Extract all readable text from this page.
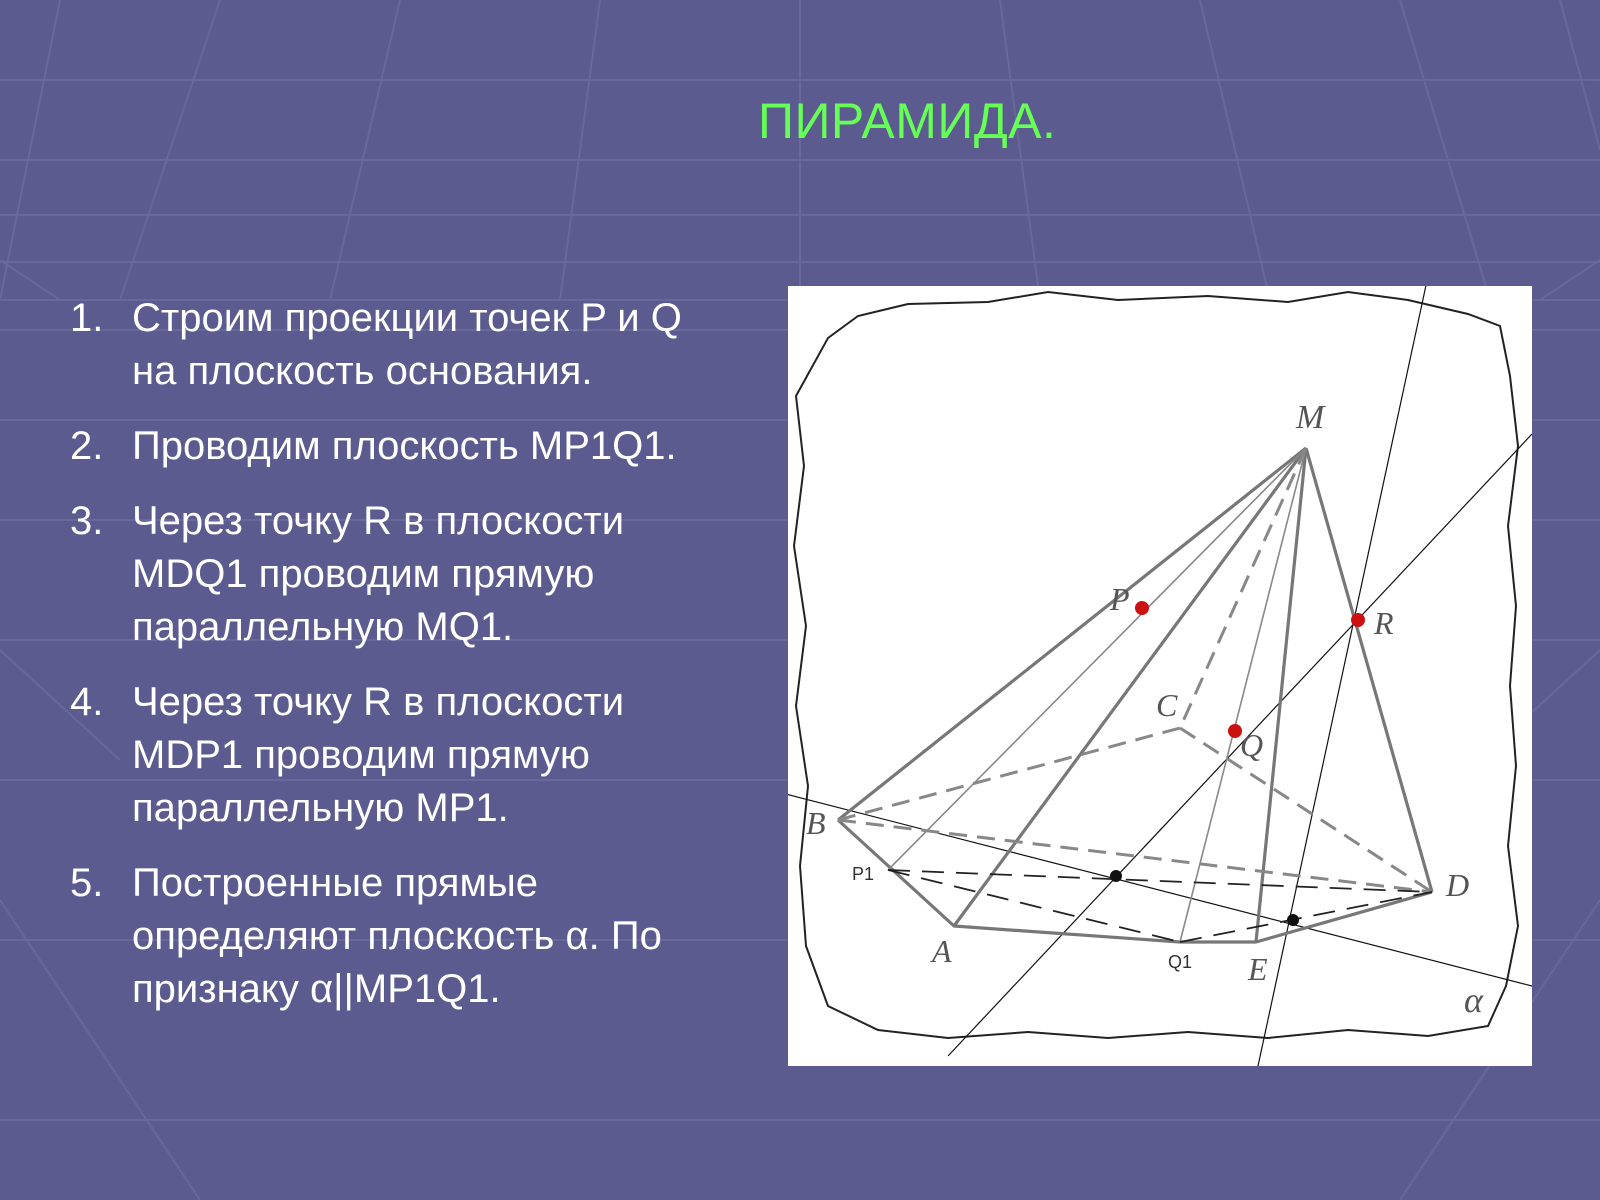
ПИРАМИДА.
1. Строим проекции точек P и Q на плоскость основания.
2. Проводим плоскость MP1Q1.
3. Через точку R в плоскости MDQ1 проводим прямую параллельную MQ1.
4. Через точку R в плоскости MDP1 проводим прямую параллельную MP1.
5. Построенные прямые определяют плоскость α. По признаку α||MP1Q1.
M
P
R
C
Q
B
P1	D
A	Q1 E
α
